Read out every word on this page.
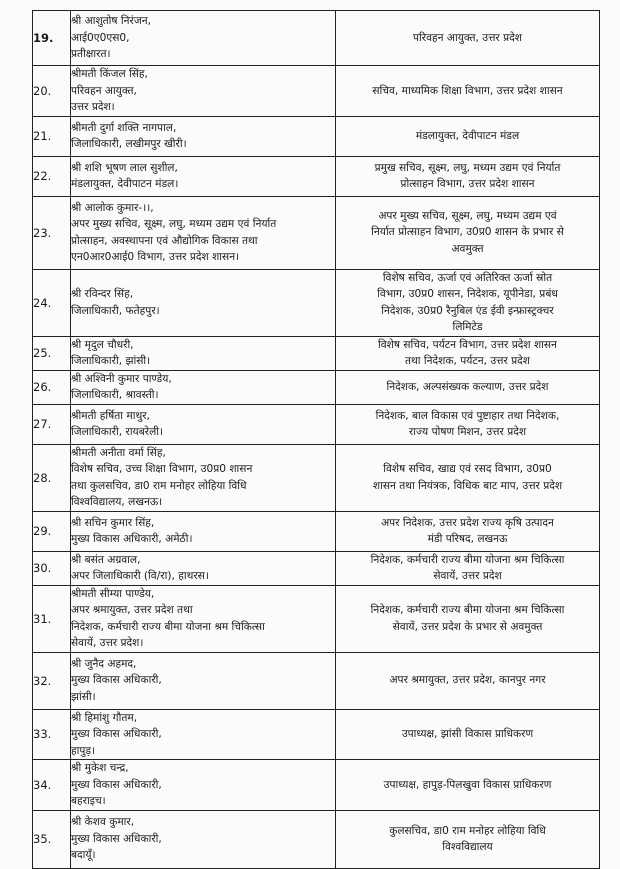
19.	श्री आशुतोष निरंजन,
आई0ए0एस0,
प्रतीक्षारत।	परिवहन आयुक्त, उत्तर प्रदेश

20.	श्रीमती किंजल सिंह,
परिवहन आयुक्त,
उत्तर प्रदेश।	सचिव, माध्यमिक शिक्षा विभाग, उत्तर प्रदेश शासन

21.	श्रीमती दुर्गा शक्ति नागपाल,
जिलाधिकारी, लखीमपुर खीरी।	मंडलायुक्त, देवीपाटन मंडल

22.	श्री शशि भूषण लाल सुशील,
मंडलायुक्त, देवीपाटन मंडल।	प्रमुख सचिव, सूक्ष्म, लघु, मध्यम उद्यम एवं निर्यात
प्रोत्साहन विभाग, उत्तर प्रदेश शासन

23.	श्री आलोक कुमार-।।,
अपर मुख्य सचिव, सूक्ष्म, लघु, मध्यम उद्यम एवं निर्यात
प्रोत्साहन, अवस्थापना एवं औद्योगिक विकास तथा
एन0आर0आई0 विभाग, उत्तर प्रदेश शासन।	अपर मुख्य सचिव, सूक्ष्म, लघु, मध्यम उद्यम एवं
निर्यात प्रोत्साहन विभाग, उ0प्र0 शासन के प्रभार से
अवमुक्त

24.	श्री रविन्दर सिंह,
जिलाधिकारी, फतेहपुर।	विशेष सचिव, ऊर्जा एवं अतिरिक्त ऊर्जा स्रोत
विभाग, उ0प्र0 शासन, निदेशक, यूपीनेडा, प्रबंध
निदेशक, उ0प्र0 रैनुबिल एंड ईवी इन्फ्रास्ट्रक्चर
लिमिटेड

25.	श्री मृदुल चौधरी,
जिलाधिकारी, झांसी।	विशेष सचिव, पर्यटन विभाग, उत्तर प्रदेश शासन
तथा निदेशक, पर्यटन, उत्तर प्रदेश

26.	श्री अश्विनी कुमार पाण्डेय,
जिलाधिकारी, श्रावस्ती।	निदेशक, अल्पसंख्यक कल्याण, उत्तर प्रदेश

27.	श्रीमती हर्षिता माथुर,
जिलाधिकारी, रायबरेली।	निदेशक, बाल विकास एवं पुष्टाहार तथा निदेशक,
राज्य पोषण मिशन, उत्तर प्रदेश

28.	श्रीमती अनीता वर्मा सिंह,
विशेष सचिव, उच्च शिक्षा विभाग, उ0प्र0 शासन
तथा कुलसचिव, डा0 राम मनोहर लोहिया विधि
विश्वविद्यालय, लखनऊ।	विशेष सचिव, खाद्य एवं रसद विभाग, उ0प्र0
शासन तथा नियंत्रक, विधिक बाट माप, उत्तर प्रदेश

29.	श्री सचिन कुमार सिंह,
मुख्य विकास अधिकारी, अमेठी।	अपर निदेशक, उत्तर प्रदेश राज्य कृषि उत्पादन
मंडी परिषद, लखनऊ

30.	श्री बसंत अग्रवाल,
अपर जिलाधिकारी (वि/रा), हाथरस।	निदेशक, कर्मचारी राज्य बीमा योजना श्रम चिकित्सा
सेवायें, उत्तर प्रदेश

31.	श्रीमती सीम्या पाण्डेय,
अपर श्रमायुक्त, उत्तर प्रदेश तथा
निदेशक, कर्मचारी राज्य बीमा योजना श्रम चिकित्सा
सेवायें, उत्तर प्रदेश।	निदेशक, कर्मचारी राज्य बीमा योजना श्रम चिकित्सा
सेवायें, उत्तर प्रदेश के प्रभार से अवमुक्त

32.	श्री जुनैद अहमद,
मुख्य विकास अधिकारी,
झांसी।	अपर श्रमायुक्त, उत्तर प्रदेश, कानपुर नगर

33.	श्री हिमांशु गौतम,
मुख्य विकास अधिकारी,
हापुड़।	उपाध्यक्ष, झांसी विकास प्राधिकरण

34.	श्री मुकेश चन्द्र,
मुख्य विकास अधिकारी,
बहराइच।	उपाध्यक्ष, हापुड़-पिलखुवा विकास प्राधिकरण

35.	श्री केशव कुमार,
मुख्य विकास अधिकारी,
बदायूँ।	कुलसचिव, डा0 राम मनोहर लोहिया विधि
विश्वविद्यालय
